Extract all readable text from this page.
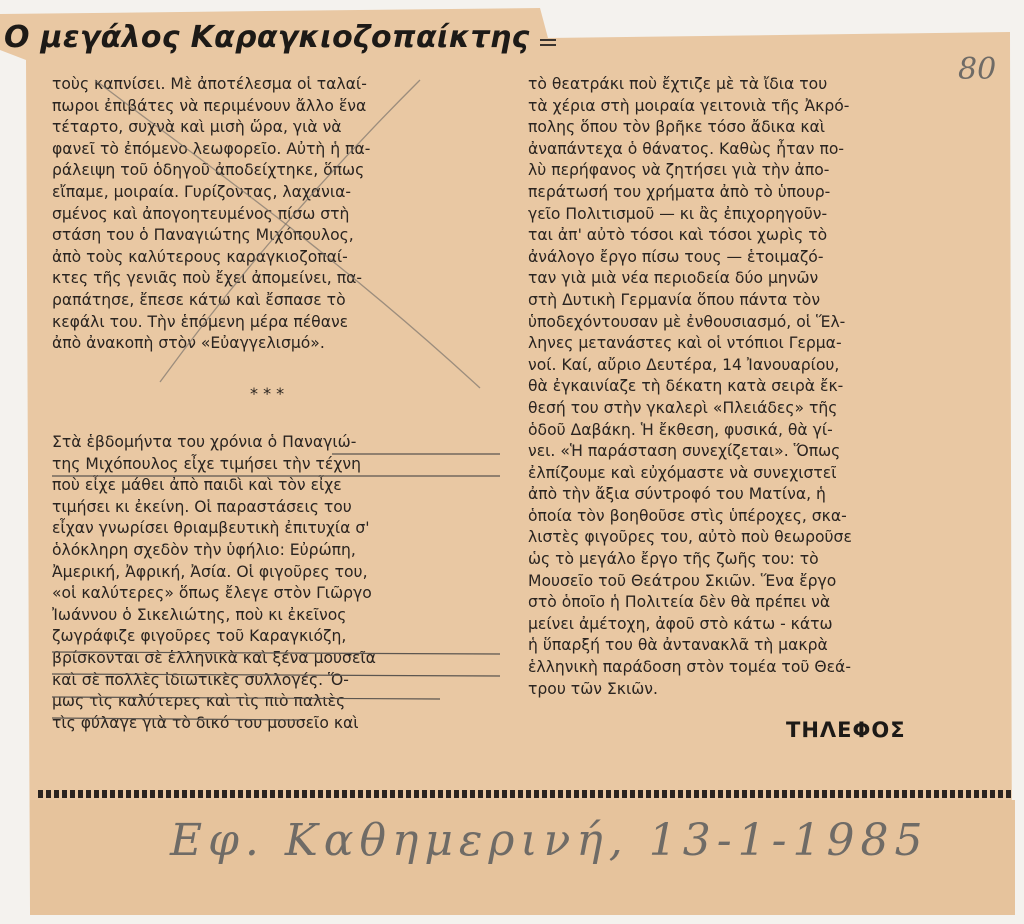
Ο μεγάλος Καραγκιοζοπαίκτης
80

τοὺς καπνίσει. Μὲ ἀποτέλεσμα οἱ ταλαί-
πωροι ἐπιβάτες νὰ περιμένουν ἄλλο ἕνα
τέταρτο, συχνὰ καὶ μισὴ ὥρα, γιὰ νὰ
φανεῖ τὸ ἐπόμενο λεωφορεῖο. Αὐτὴ ἡ πα-
ράλειψη τοῦ ὁδηγοῦ ἀποδείχτηκε, ὅπως
εἴπαμε, μοιραία. Γυρίζοντας, λαχανια-
σμένος καὶ ἀπογοητευμένος πίσω στὴ
στάση του ὁ Παναγιώτης Μιχόπουλος,
ἀπὸ τοὺς καλύτερους καραγκιοζοπαί-
κτες τῆς γενιᾶς ποὺ ἔχει ἀπομείνει, πα-
ραπάτησε, ἔπεσε κάτω καὶ ἔσπασε τὸ
κεφάλι του. Τὴν ἑπόμενη μέρα πέθανε
ἀπὸ ἀνακοπὴ στὸν «Εὐαγγελισμό».

* * *

Στὰ ἑβδομήντα του χρόνια ὁ Παναγιώ-
της Μιχόπουλος εἶχε τιμήσει τὴν τέχνη
ποὺ εἶχε μάθει ἀπὸ παιδὶ καὶ τὸν εἶχε
τιμήσει κι ἐκείνη. Οἱ παραστάσεις του
εἶχαν γνωρίσει θριαμβευτικὴ ἐπιτυχία σ'
ὁλόκληρη σχεδὸν τὴν ὑφήλιο: Εὐρώπη,
Ἀμερική, Ἀφρική, Ἀσία. Οἱ φιγοῦρες του,
«οἱ καλύτερες» ὅπως ἔλεγε στὸν Γιῶργο
Ἰωάννου ὁ Σικελιώτης, ποὺ κι ἐκεῖνος
ζωγράφιζε φιγοῦρες τοῦ Καραγκιόζη,
βρίσκονται σὲ ἑλληνικὰ καὶ ξένα μουσεῖα
καὶ σὲ πολλὲς ἰδιωτικὲς συλλογές. Ὅ-
μως τὶς καλύτερες καὶ τὶς πιὸ παλιὲς
τὶς φύλαγε γιὰ τὸ δικό του μουσεῖο καὶ

τὸ θεατράκι ποὺ ἔχτιζε μὲ τὰ ἴδια του
τὰ χέρια στὴ μοιραία γειτονιὰ τῆς Ἀκρό-
πολης ὅπου τὸν βρῆκε τόσο ἄδικα καὶ
ἀναπάντεχα ὁ θάνατος. Καθὼς ἦταν πο-
λὺ περήφανος νὰ ζητήσει γιὰ τὴν ἀπο-
περάτωσή του χρήματα ἀπὸ τὸ ὑπουρ-
γεῖο Πολιτισμοῦ — κι ἂς ἐπιχορηγοῦν-
ται ἀπ' αὐτὸ τόσοι καὶ τόσοι χωρὶς τὸ
ἀνάλογο ἔργο πίσω τους — ἑτοιμαζό-
ταν γιὰ μιὰ νέα περιοδεία δύο μηνῶν
στὴ Δυτικὴ Γερμανία ὅπου πάντα τὸν
ὑποδεχόντουσαν μὲ ἐνθουσιασμό, οἱ Ἕλ-
ληνες μετανάστες καὶ οἱ ντόπιοι Γερμα-
νοί. Καί, αὔριο Δευτέρα, 14 Ἰανουαρίου,
θὰ ἐγκαινίαζε τὴ δέκατη κατὰ σειρὰ ἔκ-
θεσή του στὴν γκαλερὶ «Πλειάδες» τῆς
ὁδοῦ Δαβάκη. Ἡ ἔκθεση, φυσικά, θὰ γί-
νει. «Ἡ παράσταση συνεχίζεται». Ὅπως
ἐλπίζουμε καὶ εὐχόμαστε νὰ συνεχιστεῖ
ἀπὸ τὴν ἄξια σύντροφό του Ματίνα, ἡ
ὁποία τὸν βοηθοῦσε στὶς ὑπέροχες, σκα-
λιστὲς φιγοῦρες του, αὐτὸ ποὺ θεωροῦσε
ὡς τὸ μεγάλο ἔργο τῆς ζωῆς του: τὸ
Μουσεῖο τοῦ Θεάτρου Σκιῶν. Ἕνα ἔργο
στὸ ὁποῖο ἡ Πολιτεία δὲν θὰ πρέπει νὰ
μείνει ἀμέτοχη, ἀφοῦ στὸ κάτω - κάτω
ἡ ὕπαρξή του θὰ ἀντανακλᾶ τὴ μακρὰ
ἑλληνικὴ παράδοση στὸν τομέα τοῦ Θεά-
τρου τῶν Σκιῶν.

ΤΗΛΕΦΟΣ
Εφ. Καθημερινή, 13-1-1985
